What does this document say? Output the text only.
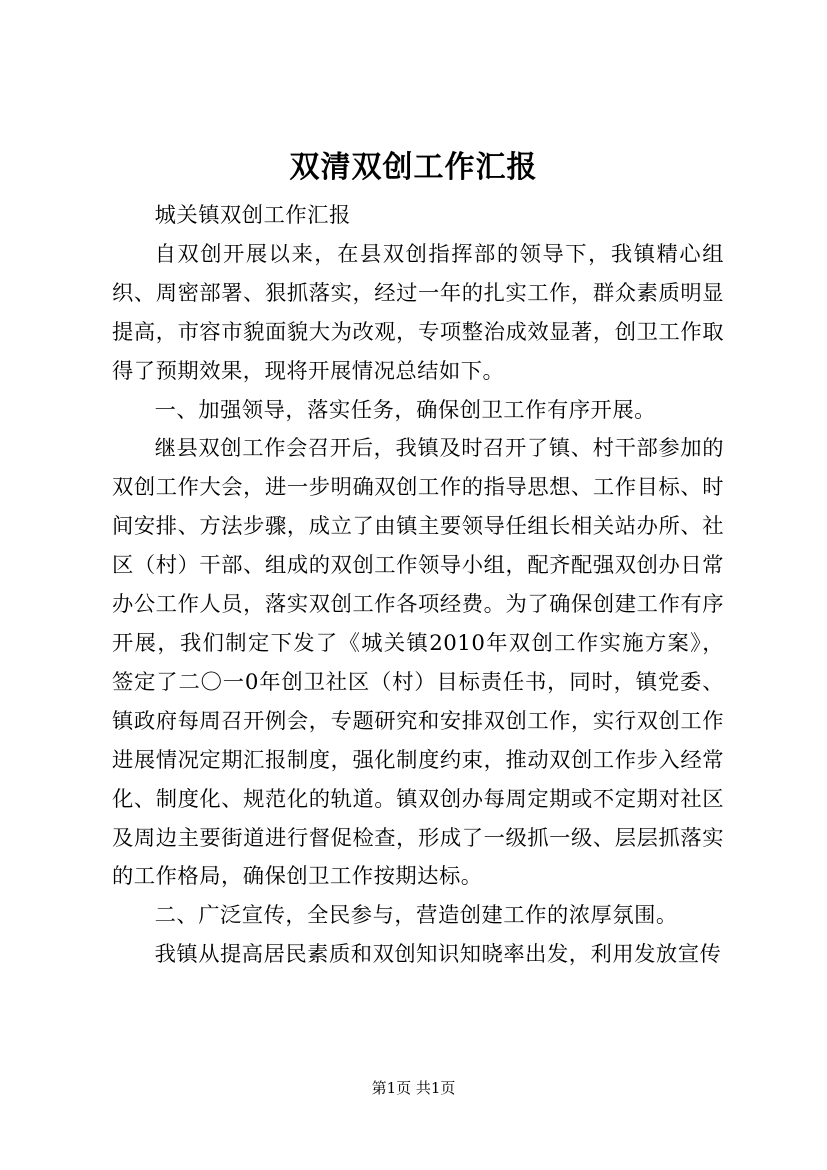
双清双创工作汇报

城关镇双创工作汇报

自双创开展以来，在县双创指挥部的领导下，我镇精心组织、周密部署、狠抓落实，经过一年的扎实工作，群众素质明显提高，市容市貌面貌大为改观，专项整治成效显著，创卫工作取得了预期效果，现将开展情况总结如下。

一、加强领导，落实任务，确保创卫工作有序开展。

继县双创工作会召开后，我镇及时召开了镇、村干部参加的双创工作大会，进一步明确双创工作的指导思想、工作目标、时间安排、方法步骤，成立了由镇主要领导任组长相关站办所、社区（村）干部、组成的双创工作领导小组，配齐配强双创办日常办公工作人员，落实双创工作各项经费。为了确保创建工作有序开展，我们制定下发了《城关镇2010年双创工作实施方案》，签定了二〇一0年创卫社区（村）目标责任书，同时，镇党委、镇政府每周召开例会，专题研究和安排双创工作，实行双创工作进展情况定期汇报制度，强化制度约束，推动双创工作步入经常化、制度化、规范化的轨道。镇双创办每周定期或不定期对社区及周边主要街道进行督促检查，形成了一级抓一级、层层抓落实的工作格局，确保创卫工作按期达标。

二、广泛宣传，全民参与，营造创建工作的浓厚氛围。

我镇从提高居民素质和双创知识知晓率出发，利用发放宣传

第1页 共1页
